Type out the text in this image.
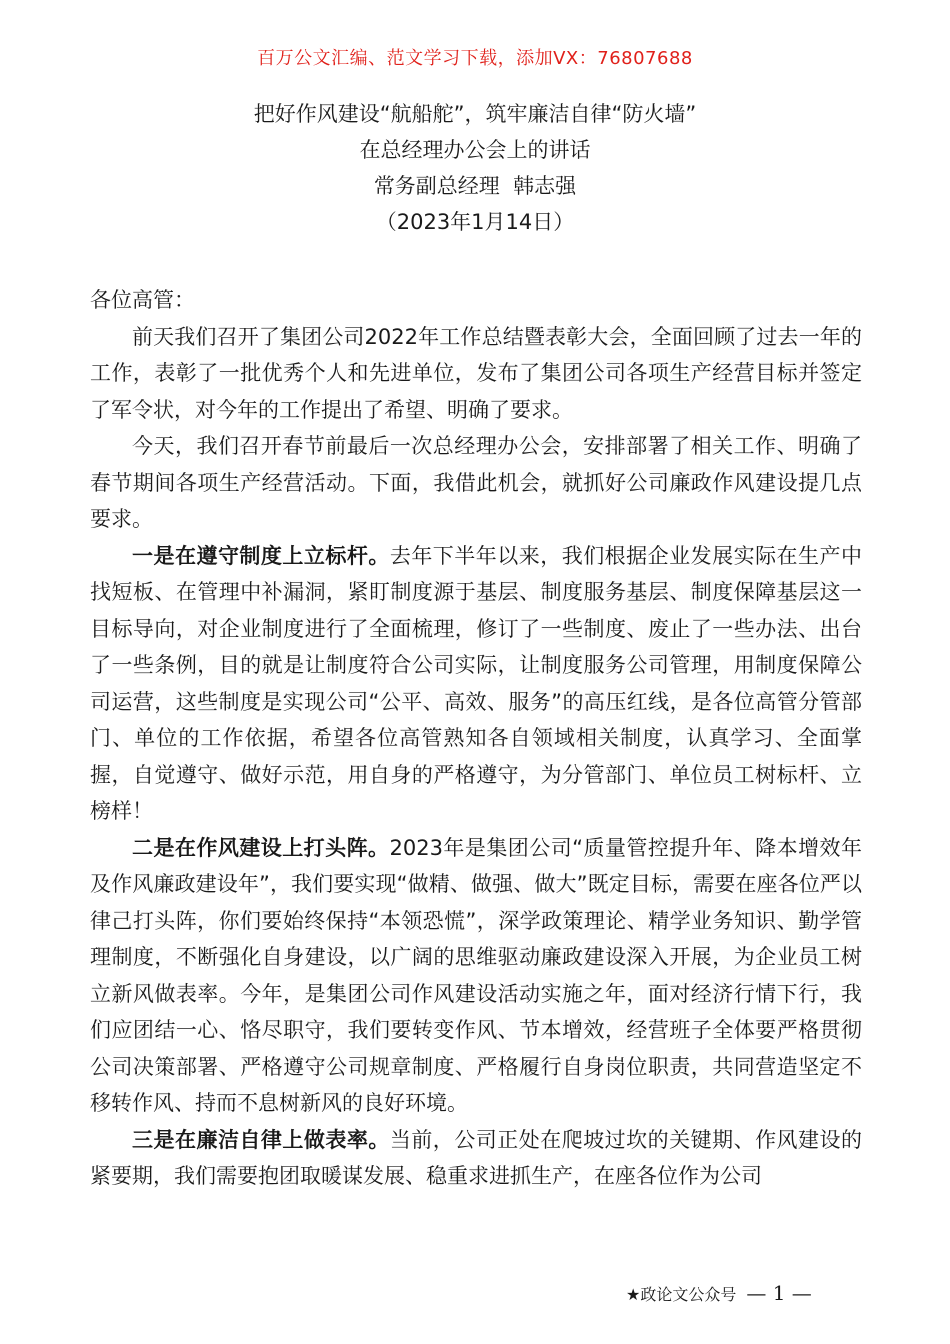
百万公文汇编、范文学习下载，添加VX：76807688
把好作风建设“航船舵”，筑牢廉洁自律“防火墙”
在总经理办公会上的讲话
常务副总经理  韩志强
（2023年1月14日）

各位高管：

前天我们召开了集团公司2022年工作总结暨表彰大会，全面回顾了过去一年的工作，表彰了一批优秀个人和先进单位，发布了集团公司各项生产经营目标并签定了军令状，对今年的工作提出了希望、明确了要求。

今天，我们召开春节前最后一次总经理办公会，安排部署了相关工作、明确了春节期间各项生产经营活动。下面，我借此机会，就抓好公司廉政作风建设提几点要求。

一是在遵守制度上立标杆。去年下半年以来，我们根据企业发展实际在生产中找短板、在管理中补漏洞，紧盯制度源于基层、制度服务基层、制度保障基层这一目标导向，对企业制度进行了全面梳理，修订了一些制度、废止了一些办法、出台了一些条例，目的就是让制度符合公司实际，让制度服务公司管理，用制度保障公司运营，这些制度是实现公司“公平、高效、服务”的高压红线，是各位高管分管部门、单位的工作依据，希望各位高管熟知各自领域相关制度，认真学习、全面掌握，自觉遵守、做好示范，用自身的严格遵守，为分管部门、单位员工树标杆、立榜样！

二是在作风建设上打头阵。2023年是集团公司“质量管控提升年、降本增效年及作风廉政建设年”，我们要实现“做精、做强、做大”既定目标，需要在座各位严以律己打头阵，你们要始终保持“本领恐慌”，深学政策理论、精学业务知识、勤学管理制度，不断强化自身建设，以广阔的思维驱动廉政建设深入开展，为企业员工树立新风做表率。今年，是集团公司作风建设活动实施之年，面对经济行情下行，我们应团结一心、恪尽职守，我们要转变作风、节本增效，经营班子全体要严格贯彻公司决策部署、严格遵守公司规章制度、严格履行自身岗位职责，共同营造坚定不移转作风、持而不息树新风的良好环境。

三是在廉洁自律上做表率。当前，公司正处在爬坡过坎的关键期、作风建设的紧要期，我们需要抱团取暖谋发展、稳重求进抓生产，在座各位作为公司

★政论文公众号 — 1 —
